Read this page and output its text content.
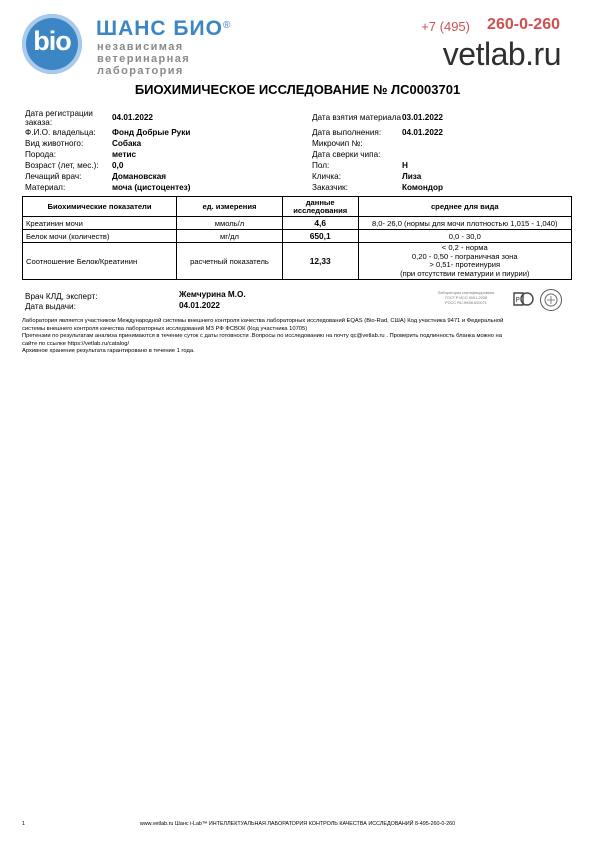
bio	ШАНС БИО ®
независимая
ветеринарная
лаборатория
+7 (495) 260-0-260
vetlab.ru
БИОХИМИЧЕСКОЕ ИССЛЕДОВАНИЕ № ЛС0003701
Дата регистрации заказа:
04.01.2022
Ф.И.О. владельца: Фонд Добрые Руки
Вид животного:	Собака
Порода:	метис
Возраст (лет, мес.): 0,0
Лечащий врач:	Домановская
Материал:	моча (цистоцентез)
Дата взятия материала 03.01.2022
Дата выполнения:	04.01.2022
Микрочип №:
Дата сверки чипа:
Пол:	Н
Кличка:	Лиза
Заказчик:	Комондор
Биохимические показатели	ед. измерения	данные исследования	среднее для вида
Креатинин мочи	ммоль/л	4,6	8,0- 26,0 (нормы для мочи плотностью 1,015 - 1,040)

Белок мочи (количеств)	мг/дл	650,1	0,0 - 30,0

Соотношение Белок/Креатинин	расчетный показатель	12,33	< 0,2 - норма
0,20 - 0,50 - пограничная зона
> 0,51- протеинурия
(при отсутствии гематурии и пиурии)
Врач КЛД, эксперт:	Жемчурина М.О.
Дата выдачи:	04.01.2022
Лаборатория сертифицирована
ГОСТ Р ИСО 9001-2008
РОСС RU.ФК06.К00071	P
Лаборатория является участником Международной системы внешнего контроля качества лабораторных исследований EQAS (Bio-Rad, США) Код участника 9471 и Федеральной
системы внешнего контроля качества лабораторных исследований МЗ РФ ФСВОК (Код участника 10705)
Претензии по результатам анализа принимаются в течение суток с даты готовности .Вопросы по исследованию на почту qc@vetlab.ru . Проверить подлинность бланка можно на
сайте по ссылке https://vetlab.ru/catalog/
Архивное хранение результата гарантировано в течение 1 года.
1	www.vetlab.ru Шанс i-Lab™ ИНТЕЛЛЕКТУАЛЬНАЯ ЛАБОРАТОРИЯ КОНТРОЛЬ КАЧЕСТВА ИССЛЕДОВАНИЙ 8-495-260-0-260
